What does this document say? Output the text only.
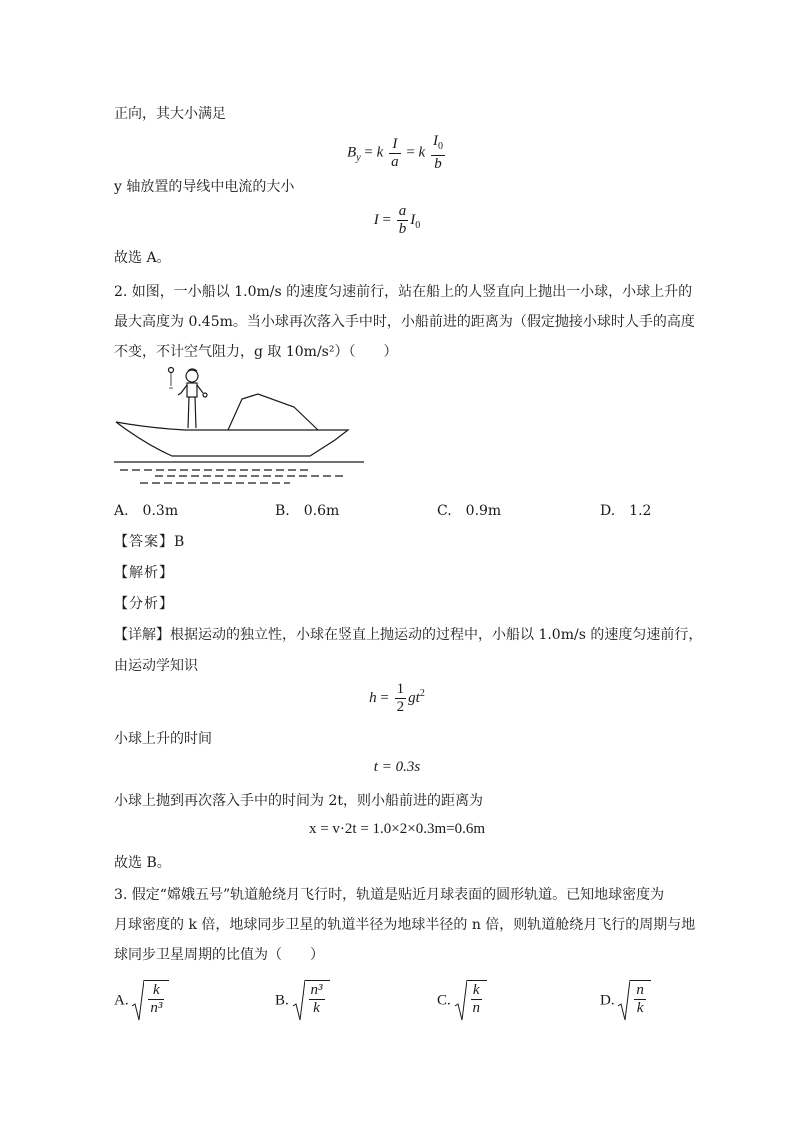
正向，其大小满足
$B_y = k \frac{I}{a} = k \frac{I_0}{b}$
y 轴放置的导线中电流的大小
$I = \frac{a}{b} I_0$
故选 A。
2. 如图，一小船以 1.0m/s 的速度匀速前行，站在船上的人竖直向上抛出一小球，小球上升的
最大高度为 0.45m。当小球再次落入手中时，小船前进的距离为（假定抛接小球时人手的高度
不变，不计空气阻力，g 取 10m/s²）（　　）
A.　0.3m	B.　0.6m	C.　0.9m	D.　1.2
【答案】B
【解析】
【分析】
【详解】根据运动的独立性，小球在竖直上抛运动的过程中，小船以 1.0m/s 的速度匀速前行，
由运动学知识
$h = \frac{1}{2} gt^2$
小球上升的时间
t = 0.3s
小球上抛到再次落入手中的时间为 2t，则小船前进的距离为
x = v·2t = 1.0×2×0.3m=0.6m
故选 B。
3. 假定“嫦娥五号”轨道舱绕月飞行时，轨道是贴近月球表面的圆形轨道。已知地球密度为
月球密度的 k 倍，地球同步卫星的轨道半径为地球半径的 n 倍，则轨道舱绕月飞行的周期与地
球同步卫星周期的比值为（　　）
A. $\frac{k}{\text{n³}}$	B. $\frac{\text{n³}}{k}$	C. $\frac{k}{n}$	D. $\frac{n}{k}$
